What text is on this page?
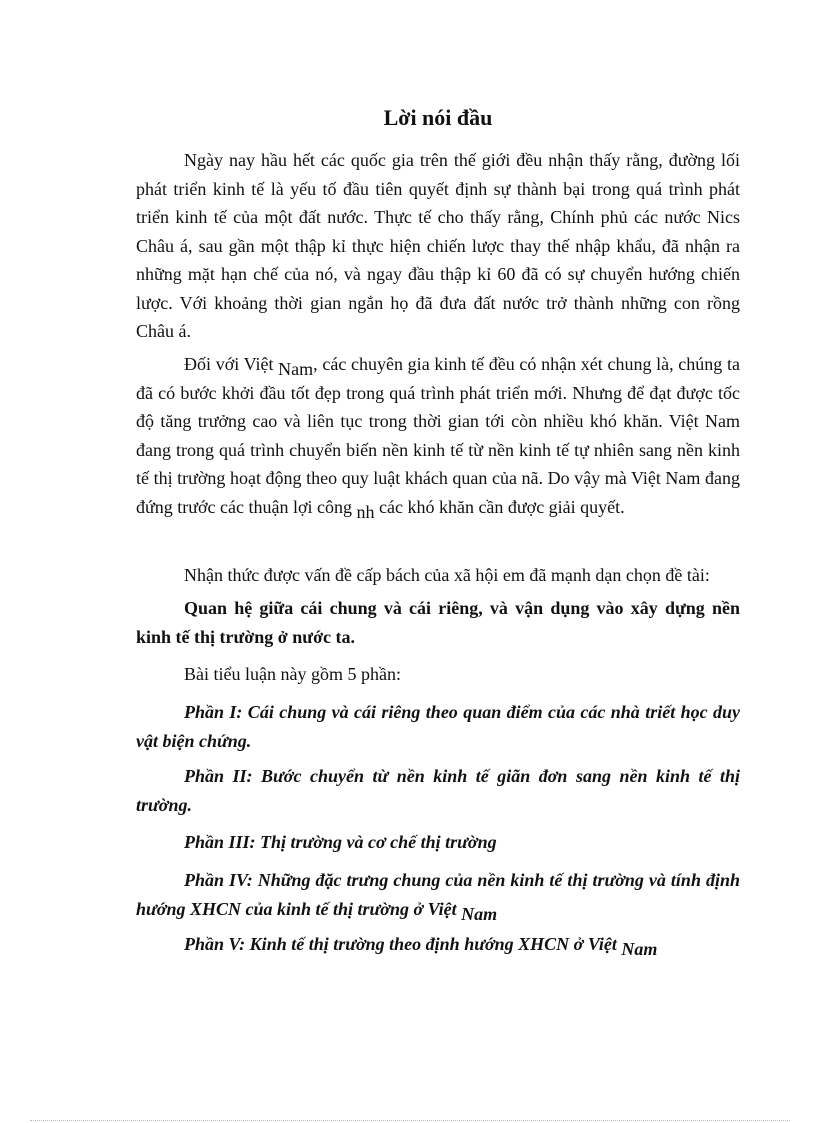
Lời nói đầu

Ngày nay hầu hết các quốc gia trên thế giới đều nhận thấy rằng, đường lối phát triển kinh tế là yếu tố đầu tiên quyết định sự thành bại trong quá trình phát triển kinh tế của một đất nước. Thực tế cho thấy rằng, Chính phủ các nước Nics Châu á, sau gần một thập kỉ thực hiện chiến lược thay thế nhập khẩu, đã nhận ra những mặt hạn chế của nó, và ngay đầu thập kỉ 60 đã có sự chuyển hướng chiến lược. Với khoảng thời gian ngắn họ đã đưa đất nước trở thành những con rồng Châu á.

Đối với Việt Nam, các chuyên gia kinh tế đều có nhận xét chung là, chúng ta đã có bước khởi đầu tốt đẹp trong quá trình phát triển mới. Nhưng để đạt được tốc độ tăng trưởng cao và liên tục trong thời gian tới còn nhiều khó khăn. Việt Nam đang trong quá trình chuyển biến nền kinh tế từ nền kinh tế tự nhiên sang nền kinh tế thị trường hoạt động theo quy luật khách quan của nã. Do vậy mà Việt Nam đang đứng trước các thuận lợi công nh các khó khăn cần được giải quyết.

Nhận thức được vấn đề cấp bách của xã hội em đã mạnh dạn chọn đề tài:

Quan hệ giữa cái chung và cái riêng, và vận dụng vào xây dựng nền kinh tế thị trường ở nước ta.

Bài tiểu luận này gồm 5 phần:

Phần I: Cái chung và cái riêng theo quan điểm của các nhà triết học duy vật biện chứng.

Phần II: Bước chuyển từ nền kinh tế giãn đơn sang nền kinh tế thị trường.

Phần III: Thị trường và cơ chế thị trường

Phần IV: Những đặc trưng chung của nền kinh tế thị trường và tính định hướng XHCN của kinh tế thị trường ở Việt Nam

Phần V: Kinh tế thị trường theo định hướng XHCN ở Việt Nam
